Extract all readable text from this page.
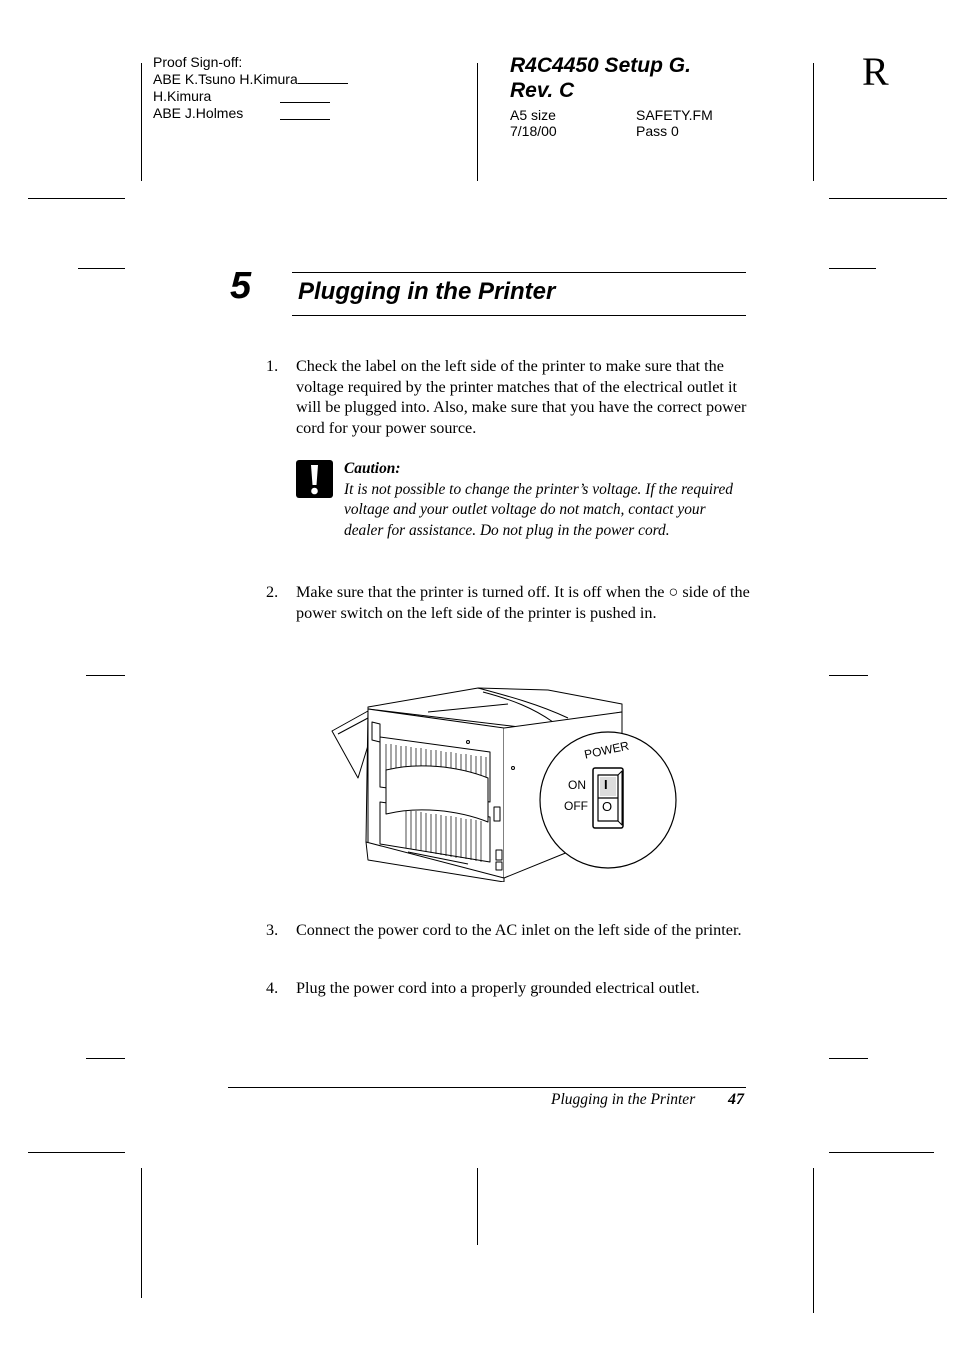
Proof Sign-off:
ABE K.Tsuno H.Kimura
H.Kimura
ABE J.Holmes
R4C4450 Setup G.
Rev. C
A5 size	SAFETY.FM
7/18/00	Pass 0
R
5 Plugging in the Printer
1.	Check the label on the left side of the printer to make sure that the voltage required by the printer matches that of the electrical outlet it will be plugged into. Also, make sure that you have the correct power cord for your power source.
Caution:
It is not possible to change the printer’s voltage. If the required voltage and your outlet voltage do not match, contact your dealer for assistance. Do not plug in the power cord.
2.	Make sure that the printer is turned off. It is off when the ○ side of the power switch on the left side of the printer is pushed in.
POWER
ON
OFF
I
O
3.	Connect the power cord to the AC inlet on the left side of the printer.
4.	Plug the power cord into a properly grounded electrical outlet.
Plugging in the Printer 47
